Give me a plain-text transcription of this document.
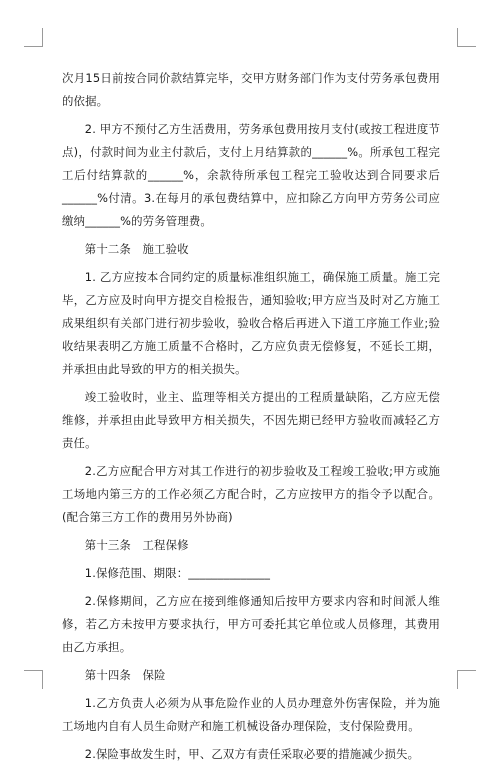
次月15日前按合同价款结算完毕，交甲方财务部门作为支付劳务承包费用的依据。

2. 甲方不预付乙方生活费用，劳务承包费用按月支付(或按工程进度节点)，付款时间为业主付款后，支付上月结算款的______%。所承包工程完工后付结算款的______%，余款待所承包工程完工验收达到合同要求后______%付清。3.在每月的承包费结算中，应扣除乙方向甲方劳务公司应缴纳______%的劳务管理费。

第十二条　施工验收

1. 乙方应按本合同约定的质量标准组织施工，确保施工质量。施工完毕，乙方应及时向甲方提交自检报告，通知验收;甲方应当及时对乙方施工成果组织有关部门进行初步验收，验收合格后再进入下道工序施工作业;验收结果表明乙方施工质量不合格时，乙方应负责无偿修复，不延长工期，并承担由此导致的甲方的相关损失。

竣工验收时，业主、监理等相关方提出的工程质量缺陷，乙方应无偿维修，并承担由此导致甲方相关损失，不因先期已经甲方验收而减轻乙方责任。

2.乙方应配合甲方对其工作进行的初步验收及工程竣工验收;甲方或施工场地内第三方的工作必须乙方配合时，乙方应按甲方的指令予以配合。(配合第三方工作的费用另外协商)

第十三条　工程保修

1.保修范围、期限：______________

2.保修期间，乙方应在接到维修通知后按甲方要求内容和时间派人维修，若乙方未按甲方要求执行，甲方可委托其它单位或人员修理，其费用由乙方承担。

第十四条　保险

1.乙方负责人必须为从事危险作业的人员办理意外伤害保险，并为施工场地内自有人员生命财产和施工机械设备办理保险，支付保险费用。

2.保险事故发生时，甲、乙双方有责任采取必要的措施减少损失。
